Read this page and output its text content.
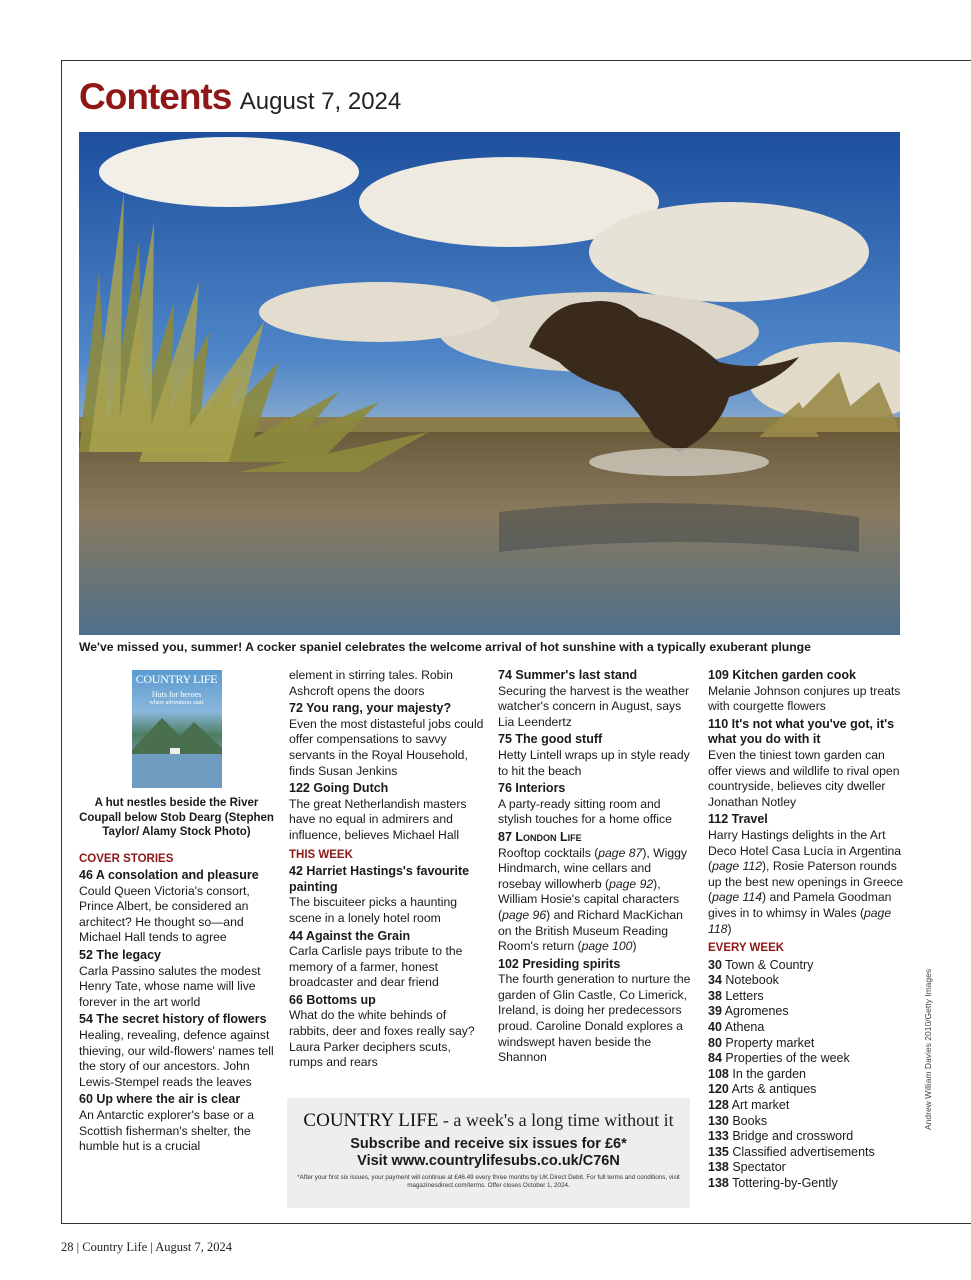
Contents August 7, 2024
We've missed you, summer! A cocker spaniel celebrates the welcome arrival of hot sunshine with a typically exuberant plunge
COUNTRY LIFE
Huts for heroes
where adventures start
A hut nestles beside the River Coupall below Stob Dearg (Stephen Taylor/ Alamy Stock Photo)
COVER STORIES
46 A consolation and pleasure
Could Queen Victoria's consort, Prince Albert, be considered an architect? He thought so—and Michael Hall tends to agree
52 The legacy
Carla Passino salutes the modest Henry Tate, whose name will live forever in the art world
54 The secret history of flowers
Healing, revealing, defence against thieving, our wild-flowers' names tell the story of our ancestors. John Lewis-Stempel reads the leaves
60 Up where the air is clear
An Antarctic explorer's base or a Scottish fisherman's shelter, the humble hut is a crucial
element in stirring tales. Robin Ashcroft opens the doors
72 You rang, your majesty?
Even the most distasteful jobs could offer compensations to savvy servants in the Royal Household, finds Susan Jenkins
122 Going Dutch
The great Netherlandish masters have no equal in admirers and influence, believes Michael Hall
THIS WEEK
42 Harriet Hastings's favourite painting
The biscuiteer picks a haunting scene in a lonely hotel room
44 Against the Grain
Carla Carlisle pays tribute to the memory of a farmer, honest broadcaster and dear friend
66 Bottoms up
What do the white behinds of rabbits, deer and foxes really say? Laura Parker deciphers scuts, rumps and rears
74 Summer's last stand
Securing the harvest is the weather watcher's concern in August, says Lia Leendertz
75 The good stuff
Hetty Lintell wraps up in style ready to hit the beach
76 Interiors
A party-ready sitting room and stylish touches for a home office
87 London Life
Rooftop cocktails (page 87), Wiggy Hindmarch, wine cellars and rosebay willowherb (page 92), William Hosie's capital characters (page 96) and Richard MacKichan on the British Museum Reading Room's return (page 100)
102 Presiding spirits
The fourth generation to nurture the garden of Glin Castle, Co Limerick, Ireland, is doing her predecessors proud. Caroline Donald explores a windswept haven beside the Shannon
109 Kitchen garden cook
Melanie Johnson conjures up treats with courgette flowers
110 It's not what you've got, it's what you do with it
Even the tiniest town garden can offer views and wildlife to rival open countryside, believes city dweller Jonathan Notley
112 Travel
Harry Hastings delights in the Art Deco Hotel Casa Lucía in Argentina (page 112), Rosie Paterson rounds up the best new openings in Greece (page 114) and Pamela Goodman gives in to whimsy in Wales (page 118)
EVERY WEEK
30 Town & Country
34 Notebook
38 Letters
39 Agromenes
40 Athena
80 Property market
84 Properties of the week
108 In the garden
120 Arts & antiques
128 Art market
130 Books
133 Bridge and crossword
135 Classified advertisements
138 Spectator
138 Tottering-by-Gently
COUNTRY LIFE - a week's a long time without it
Subscribe and receive six issues for £6*
Visit www.countrylifesubs.co.uk/C76N
*After your first six issues, your payment will continue at £46.49 every three months by UK Direct Debit. For full terms and conditions, visit magazinesdirect.com/terms. Offer closes October 1, 2024.
Andrew William Davies 2010/Getty Images
28 | Country Life | August 7, 2024
